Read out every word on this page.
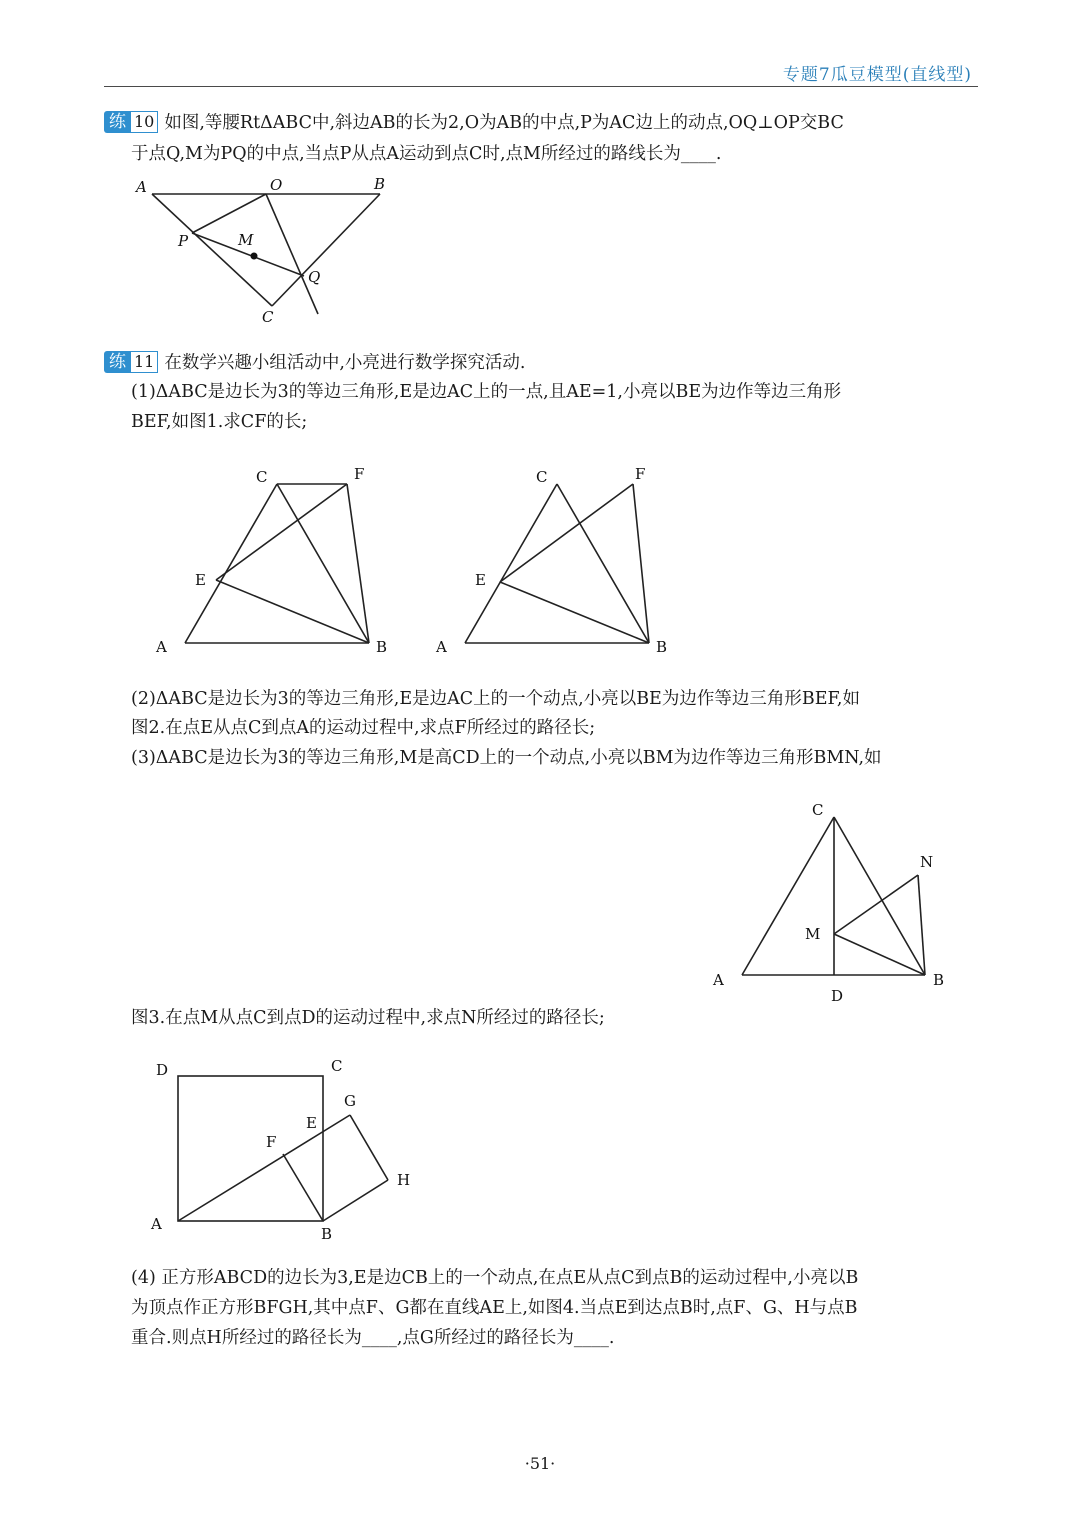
专题7瓜豆模型(直线型)
练 10 如图,等腰RtΔABC中,斜边AB的长为2,O为AB的中点,P为AC边上的动点,OQ⊥OP交BC
于点Q,M为PQ的中点,当点P从点A运动到点C时,点M所经过的路线长为____.
A	O	B
P	M
Q
C
练 11 在数学兴趣小组活动中,小亮进行数学探究活动.
(1)ΔABC是边长为3的等边三角形,E是边AC上的一点,且AE=1,小亮以BE为边作等边三角形
BEF,如图1.求CF的长;
C	F
E
A	B
C	F
E
A	B
(2)ΔABC是边长为3的等边三角形,E是边AC上的一个动点,小亮以BE为边作等边三角形BEF,如
图2.在点E从点C到点A的运动过程中,求点F所经过的路径长;
(3)ΔABC是边长为3的等边三角形,M是高CD上的一个动点,小亮以BM为边作等边三角形BMN,如
C
N
M
A	B
D
图3.在点M从点C到点D的运动过程中,求点N所经过的路径长;
D	C
G
E
F
H
A
B
(4) 正方形ABCD的边长为3,E是边CB上的一个动点,在点E从点C到点B的运动过程中,小亮以B
为顶点作正方形BFGH,其中点F、G都在直线AE上,如图4.当点E到达点B时,点F、G、H与点B
重合.则点H所经过的路径长为____,点G所经过的路径长为____.
·51·
